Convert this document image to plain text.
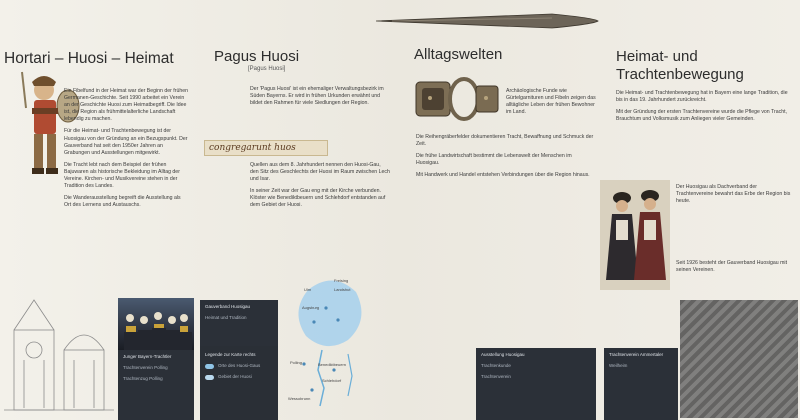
Hortari – Huosi – Heimat

Ein Fibelfund in der Heimat war der Beginn der frühen Germanen-Geschichte. Seit 1990 arbeitet ein Verein an der Geschichte Huosi zum Heimatbegriff. Die Idee ist, die Region als frühmittelalterliche Landschaft lebendig zu machen.

Für die Heimat- und Trachtenbewegung ist der Huosigau von der Gründung an ein Bezugspunkt. Der Gauverband hat seit den 1950er Jahren an Grabungen und Ausstellungen mitgewirkt.

Die Tracht lebt nach dem Beispiel der frühen Bajuwaren als historische Bekleidung im Alltag der Vereine. Kirchen- und Musikvereine stehen in der Tradition des Landes.

Die Wanderausstellung begreift die Ausstellung als Ort des Lernens und Austauschs.

Junger Bayern-Trachtler
Trachtenverein Polling
Trachtenzug Polling
Pagus Huosi
[Pagus Huosi]

Der 'Pagus Huosi' ist ein ehemaliger Verwaltungsbezirk im Süden Bayerns. Er wird in frühen Urkunden erwähnt und bildet den Rahmen für viele Siedlungen der Region.

congregarunt huos

Quellen aus dem 8. Jahrhundert nennen den Huosi-Gau, den Sitz des Geschlechts der Huosi im Raum zwischen Lech und Isar.

In seiner Zeit war der Gau eng mit der Kirche verbunden. Klöster wie Benediktbeuern und Schlehdorf entstanden auf dem Gebiet der Huosi.

Legende zur Karte rechts
Orte des Huosi-Gaus
Gebiet der Huosi
Freising
Landshut
Ulm
Augsburg
Benediktbeuern
Schlehdorf
Polling
Wessobrunn
Gauverband Huosigau
Heimat und Tradition
Alltagswelten

Archäologische Funde wie Gürtelgarnituren und Fibeln zeigen das alltägliche Leben der frühen Bewohner im Land.

Die Reihengräberfelder dokumentieren Tracht, Bewaffnung und Schmuck der Zeit.

Die frühe Landwirtschaft bestimmt die Lebenswelt der Menschen im Huosigau.

Mit Handwerk und Handel entstehen Verbindungen über die Region hinaus.

Ausstellung Huosigau
Trachtenkunde
Trachtenverein
Heimat- und
Trachtenbewegung

Die Heimat- und Trachtenbewegung hat in Bayern eine lange Tradition, die bis in das 19. Jahrhundert zurückreicht.

Mit der Gründung der ersten Trachtenvereine wurde die Pflege von Tracht, Brauchtum und Volksmusik zum Anliegen vieler Gemeinden.

Der Huosigau als Dachverband der Trachtenvereine bewahrt das Erbe der Region bis heute.

Seit 1926 besteht der Gauverband Huosigau mit seinen Vereinen.

Trachtenverein Ammertaler
Weilheim
